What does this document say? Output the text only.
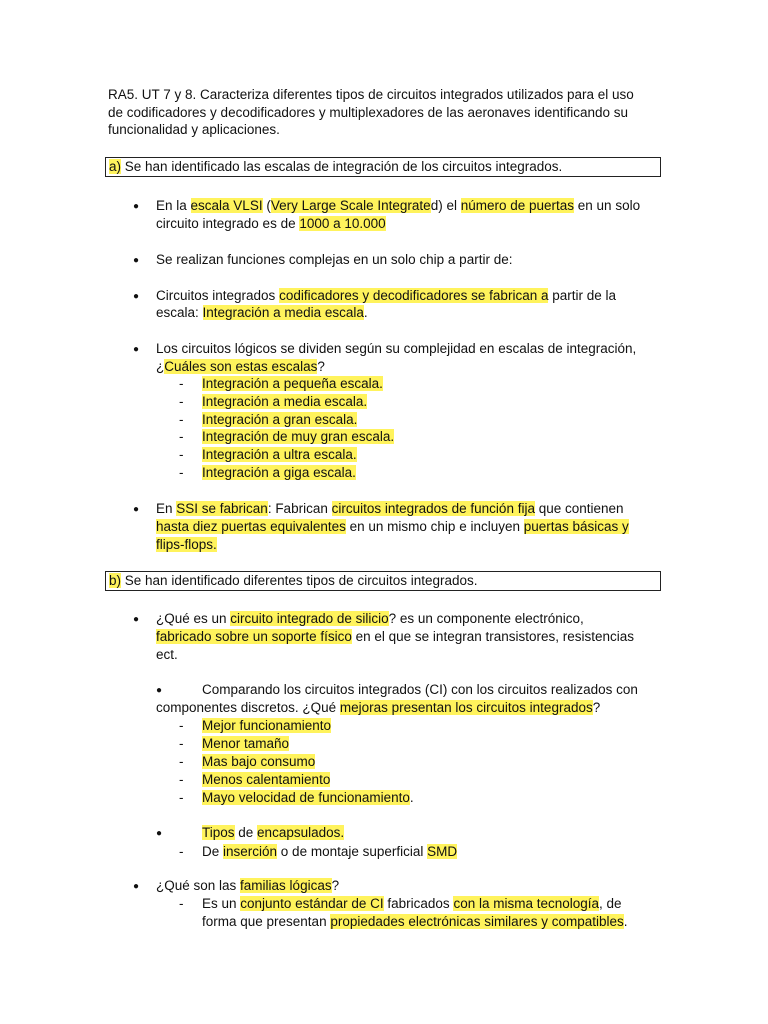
RA5. UT 7 y 8. Caracteriza diferentes tipos de circuitos integrados utilizados para el uso
de codificadores y decodificadores y multiplexadores de las aeronaves identificando su
funcionalidad y aplicaciones.
a) Se han identificado las escalas de integración de los circuitos integrados.
● En la escala VLSI (Very Large Scale Integrated) el número de puertas en un solo
circuito integrado es de 1000 a 10.000
● Se realizan funciones complejas en un solo chip a partir de:
● Circuitos integrados codificadores y decodificadores se fabrican a partir de la
escala: Integración a media escala.
● Los circuitos lógicos se dividen según su complejidad en escalas de integración,
¿Cuáles son estas escalas?
- Integración a pequeña escala.
- Integración a media escala.
- Integración a gran escala.
- Integración de muy gran escala.
- Integración a ultra escala.
- Integración a giga escala.
● En SSI se fabrican: Fabrican circuitos integrados de función fija que contienen
hasta diez puertas equivalentes en un mismo chip e incluyen puertas básicas y
flips-flops.
b) Se han identificado diferentes tipos de circuitos integrados.
● ¿Qué es un circuito integrado de silicio? es un componente electrónico,
fabricado sobre un soporte físico en el que se integran transistores, resistencias
ect.
●	Comparando los circuitos integrados (CI) con los circuitos realizados con
componentes discretos. ¿Qué mejoras presentan los circuitos integrados?
- Mejor funcionamiento
- Menor tamaño
- Mas bajo consumo
- Menos calentamiento
- Mayo velocidad de funcionamiento.
●	Tipos de encapsulados.
- De inserción o de montaje superficial SMD
● ¿Qué son las familias lógicas?
- Es un conjunto estándar de CI fabricados con la misma tecnología, de
forma que presentan propiedades electrónicas similares y compatibles.
